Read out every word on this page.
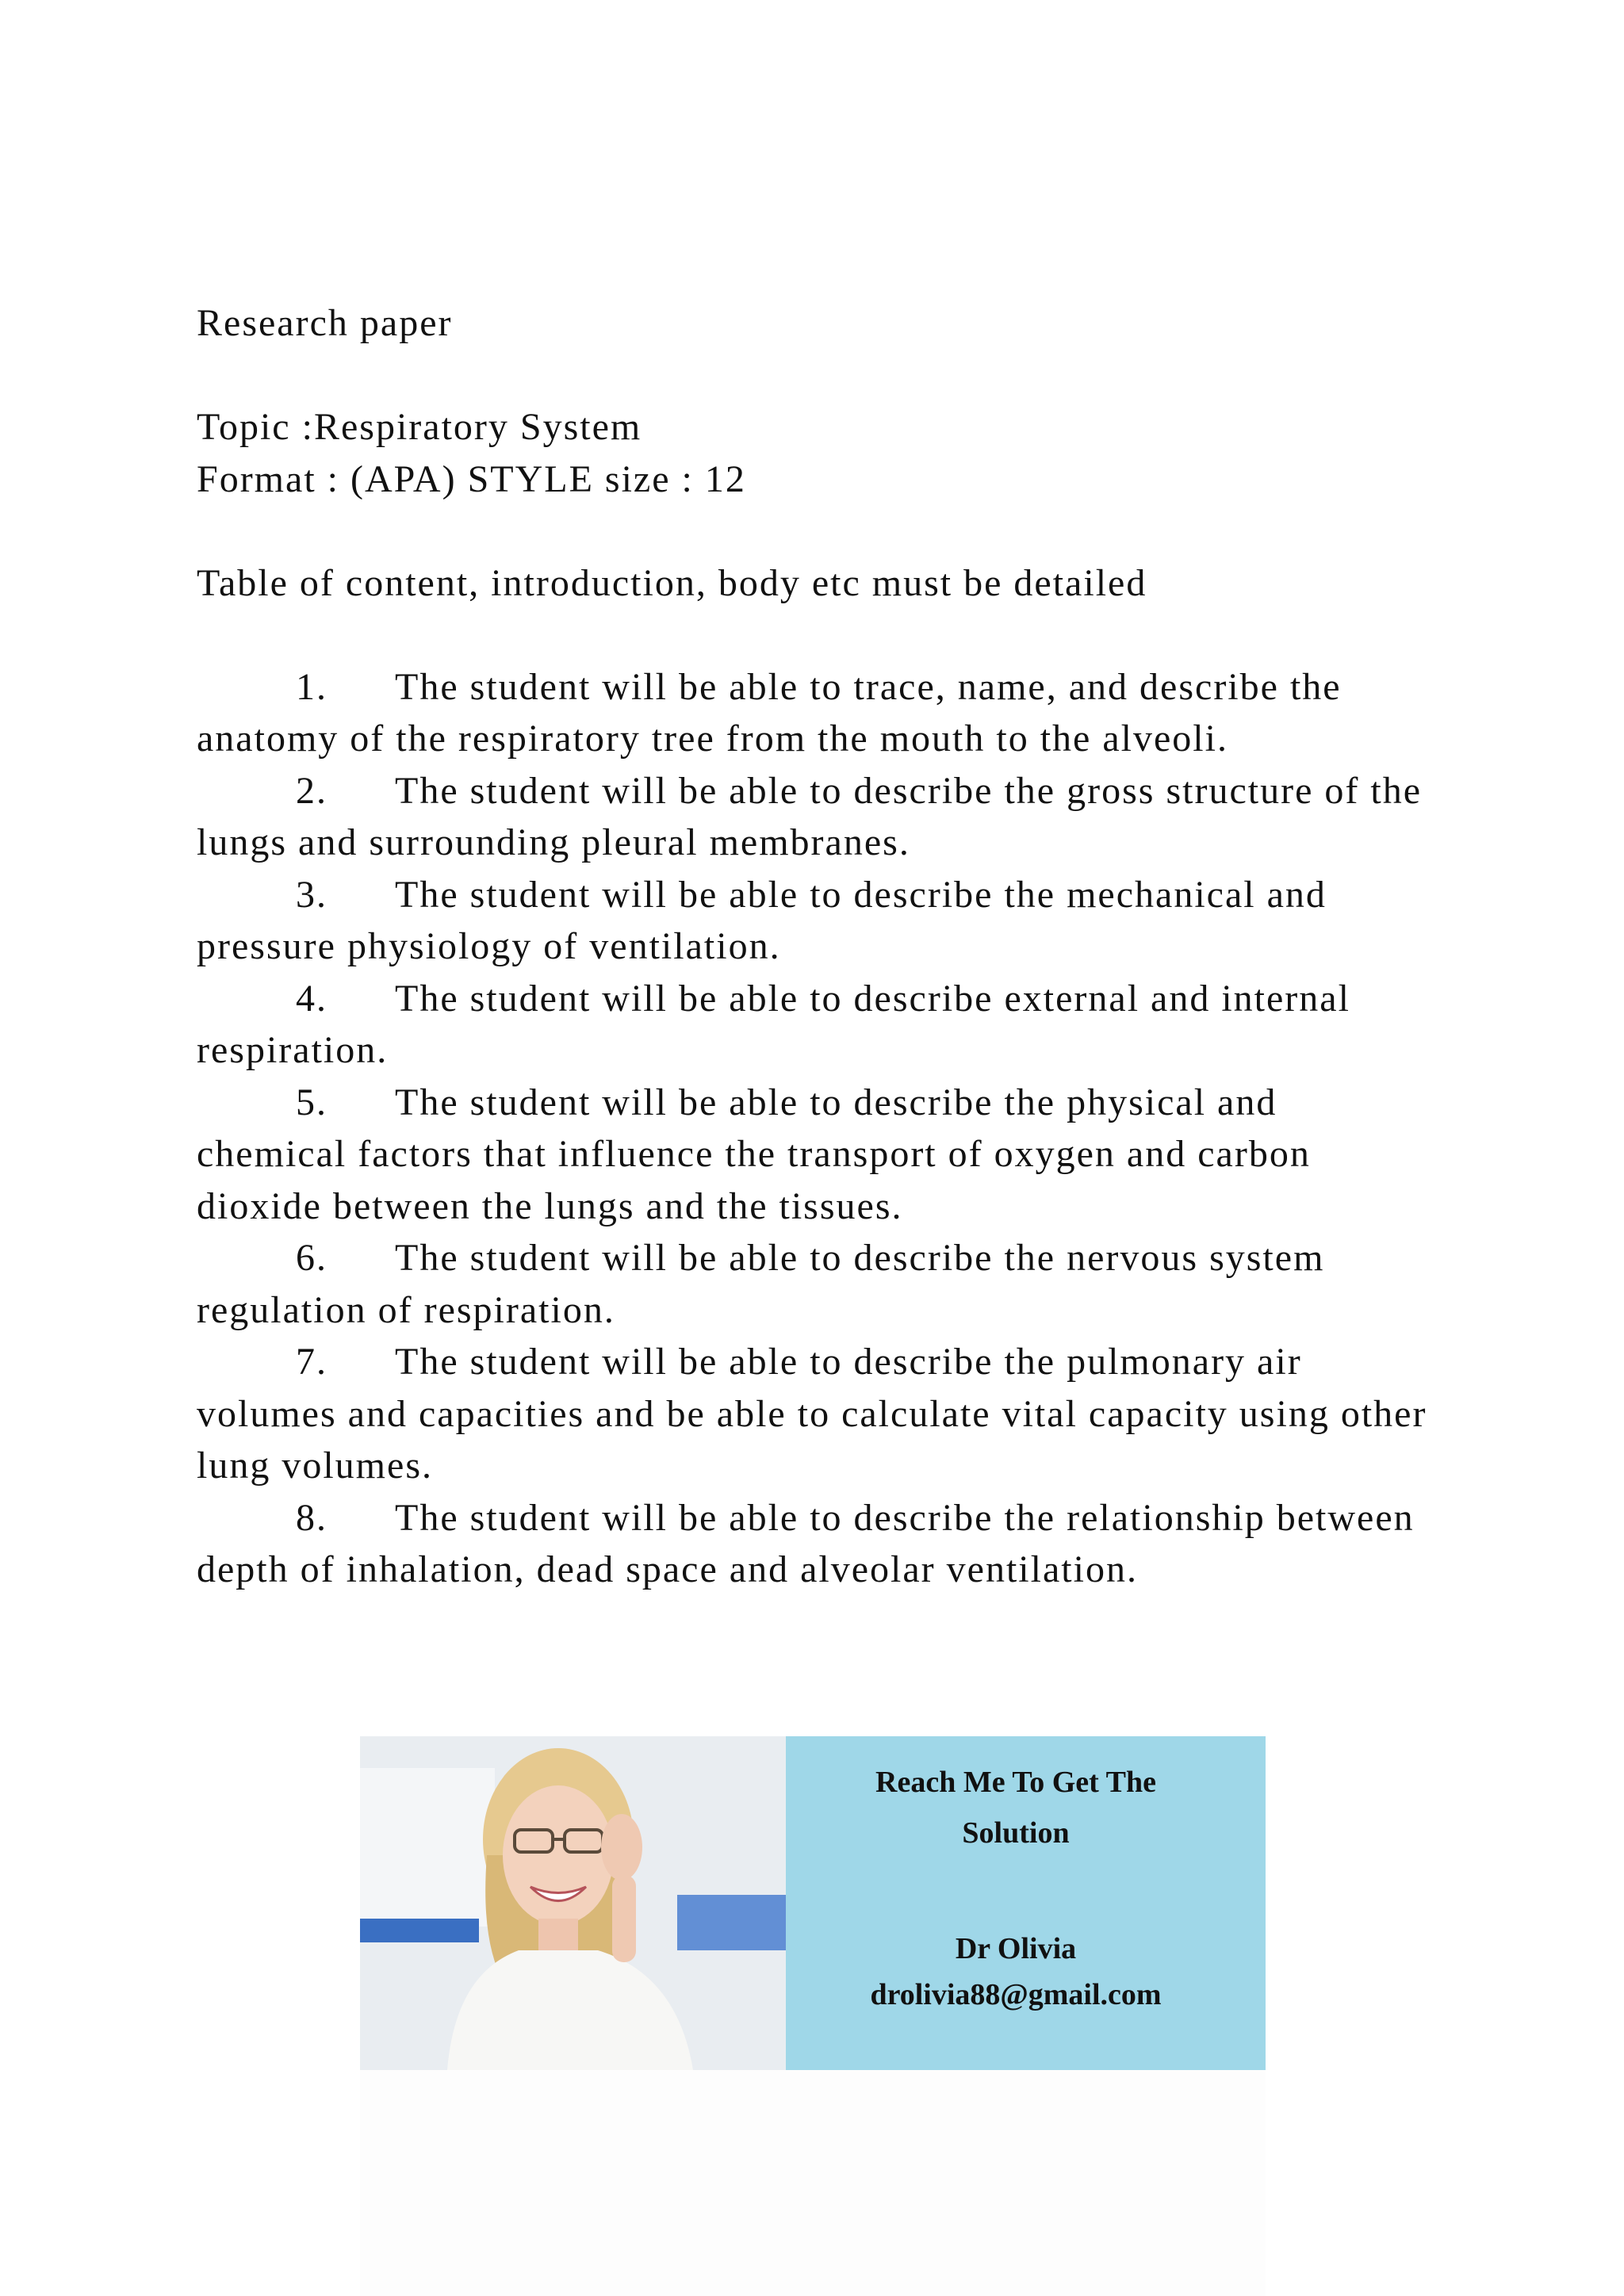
Research paper

Topic :Respiratory System

Format : (APA) STYLE size : 12

Table of content, introduction, body etc must be detailed

1. The student will be able to trace, name, and describe the anatomy of the respiratory tree from the mouth to the alveoli.
2. The student will be able to describe the gross structure of the lungs and surrounding pleural membranes.
3. The student will be able to describe the mechanical and pressure physiology of ventilation.
4. The student will be able to describe external and internal respiration.
5. The student will be able to describe the physical and chemical factors that influence the transport of oxygen and carbon dioxide between the lungs and the tissues.
6. The student will be able to describe the nervous system regulation of respiration.
7. The student will be able to describe the pulmonary air volumes and capacities and be able to calculate vital capacity using other lung volumes.
8. The student will be able to describe the relationship between depth of inhalation, dead space and alveolar ventilation.
Reach Me To Get The
Solution
Dr Olivia
drolivia88@gmail.com
